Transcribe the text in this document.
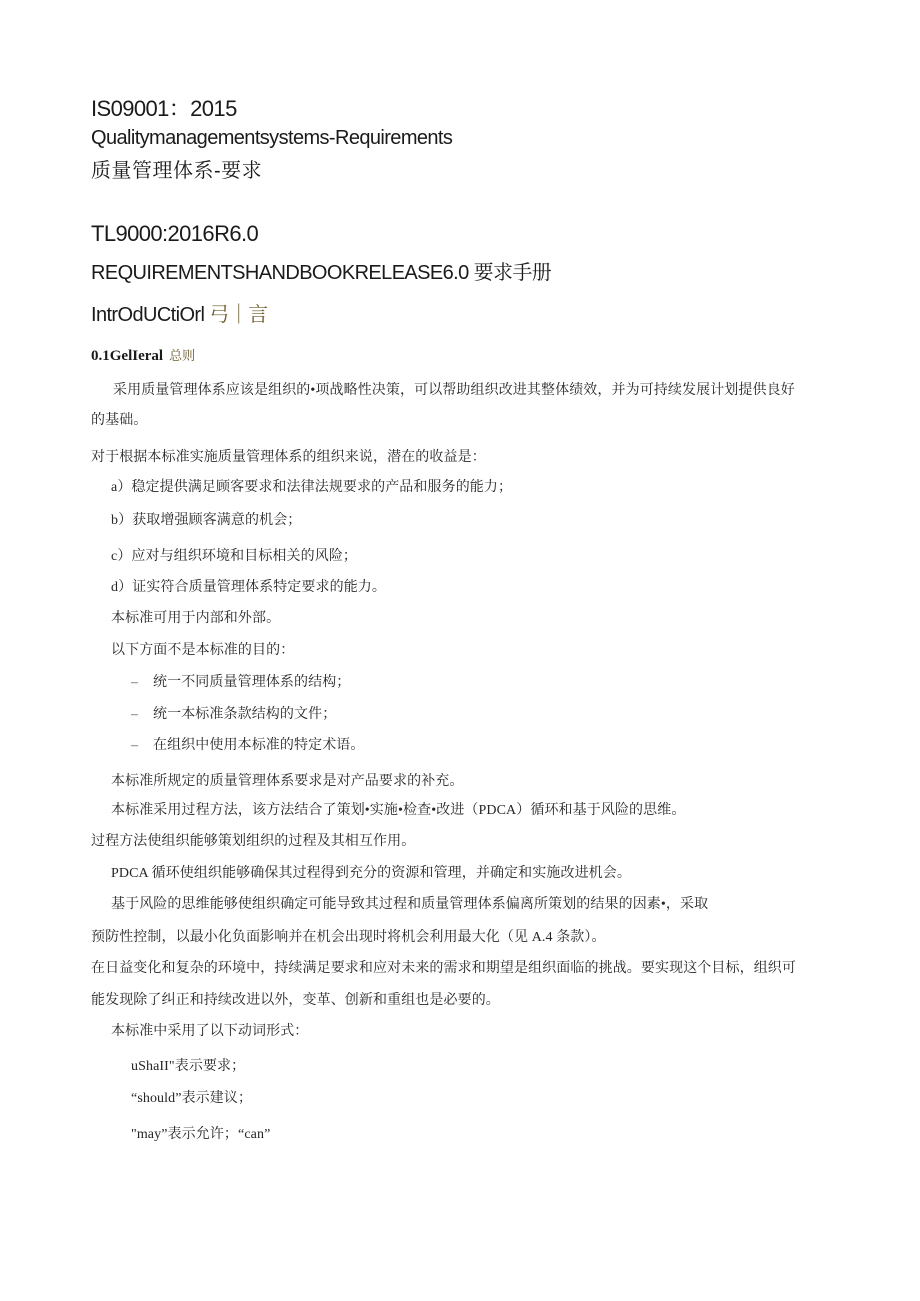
IS09001：2015
Qualitymanagementsystems-Requirements
质量管理体系-要求
TL9000:2016R6.0
REQUIREMENTSHANDBOOKRELEASE6.0 要求手册
IntrOdUCtiOrl 弓｜言
0.1GelIeral 总则
采用质量管理体系应该是组织的•项战略性决策，可以帮助组织改进其整体绩效，并为可持续发展计划提供良好
的基础。
对于根据本标准实施质量管理体系的组织来说，潜在的收益是：
a）稳定提供满足顾客要求和法律法规要求的产品和服务的能力；
b）获取增强顾客满意的机会；
c）应对与组织环境和目标相关的风险；
d）证实符合质量管理体系特定要求的能力。
本标准可用于内部和外部。
以下方面不是本标准的目的：
– 统一不同质量管理体系的结构；
– 统一本标准条款结构的文件；
– 在组织中使用本标准的特定术语。
本标准所规定的质量管理体系要求是对产品要求的补充。
本标准采用过程方法，该方法结合了策划•实施•检查•改进（PDCA）循环和基于风险的思维。
过程方法使组织能够策划组织的过程及其相互作用。
PDCA 循环使组织能够确保其过程得到充分的资源和管理，并确定和实施改进机会。
基于风险的思维能够使组织确定可能导致其过程和质量管理体系偏离所策划的结果的因素•，采取
预防性控制，以最小化负面影响并在机会出现时将机会利用最大化（见 A.4 条款）。
在日益变化和复杂的环境中，持续满足要求和应对未来的需求和期望是组织面临的挑战。要实现这个目标，组织可
能发现除了纠正和持续改进以外，变革、创新和重组也是必要的。
本标准中采用了以下动词形式：
uShaII"表示要求；
“should”表示建议；
"may”表示允许；“can”
